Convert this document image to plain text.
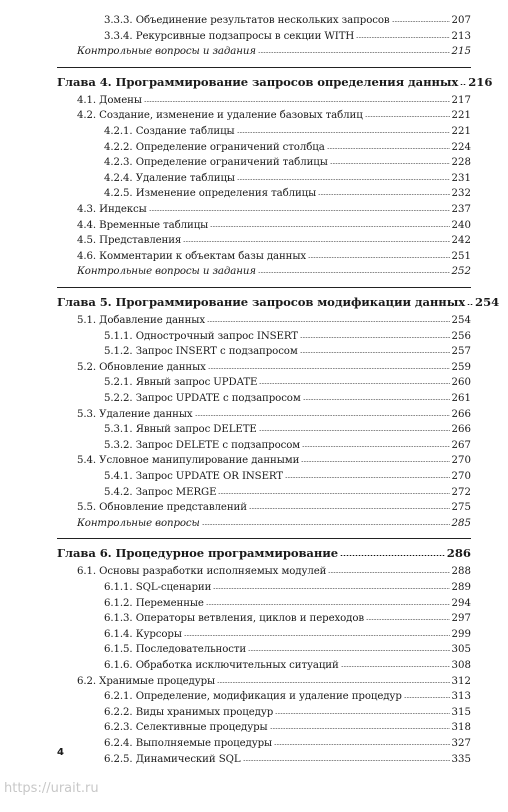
3.3.3. Объединение результатов нескольких запросов	207
3.3.4. Рекурсивные подзапросы в секции WITH	213
Контрольные вопросы и задания	215
Глава 4. Программирование запросов определения данных 216
4.1. Домены	217
4.2. Создание, изменение и удаление базовых таблиц	221
4.2.1. Создание таблицы	221
4.2.2. Определение ограничений столбца	224
4.2.3. Определение ограничений таблицы	228
4.2.4. Удаление таблицы	231
4.2.5. Изменение определения таблицы	232
4.3. Индексы	237
4.4. Временные таблицы	240
4.5. Представления	242
4.6. Комментарии к объектам базы данных	251
Контрольные вопросы и задания	252
Глава 5. Программирование запросов модификации данных 254
5.1. Добавление данных	254
5.1.1. Однострочный запрос INSERT	256
5.1.2. Запрос INSERT с подзапросом	257
5.2. Обновление данных	259
5.2.1. Явный запрос UPDATE	260
5.2.2. Запрос UPDATE с подзапросом	261
5.3. Удаление данных	266
5.3.1. Явный запрос DELETE	266
5.3.2. Запрос DELETE с подзапросом	267
5.4. Условное манипулирование данными	270
5.4.1. Запрос UPDATE OR INSERT	270
5.4.2. Запрос MERGE	272
5.5. Обновление представлений	275
Контрольные вопросы	285
Глава 6. Процедурное программирование	286
6.1. Основы разработки исполняемых модулей	288
6.1.1. SQL-сценарии	289
6.1.2. Переменные	294
6.1.3. Операторы ветвления, циклов и переходов	297
6.1.4. Курсоры	299
6.1.5. Последовательности	305
6.1.6. Обработка исключительных ситуаций	308
6.2. Хранимые процедуры	312
6.2.1. Определение, модификация и удаление процедур	313
6.2.2. Виды хранимых процедур	315
6.2.3. Селективные процедуры	318
6.2.4. Выполняемые процедуры	327
6.2.5. Динамический SQL	335
4
https://urait.ru
